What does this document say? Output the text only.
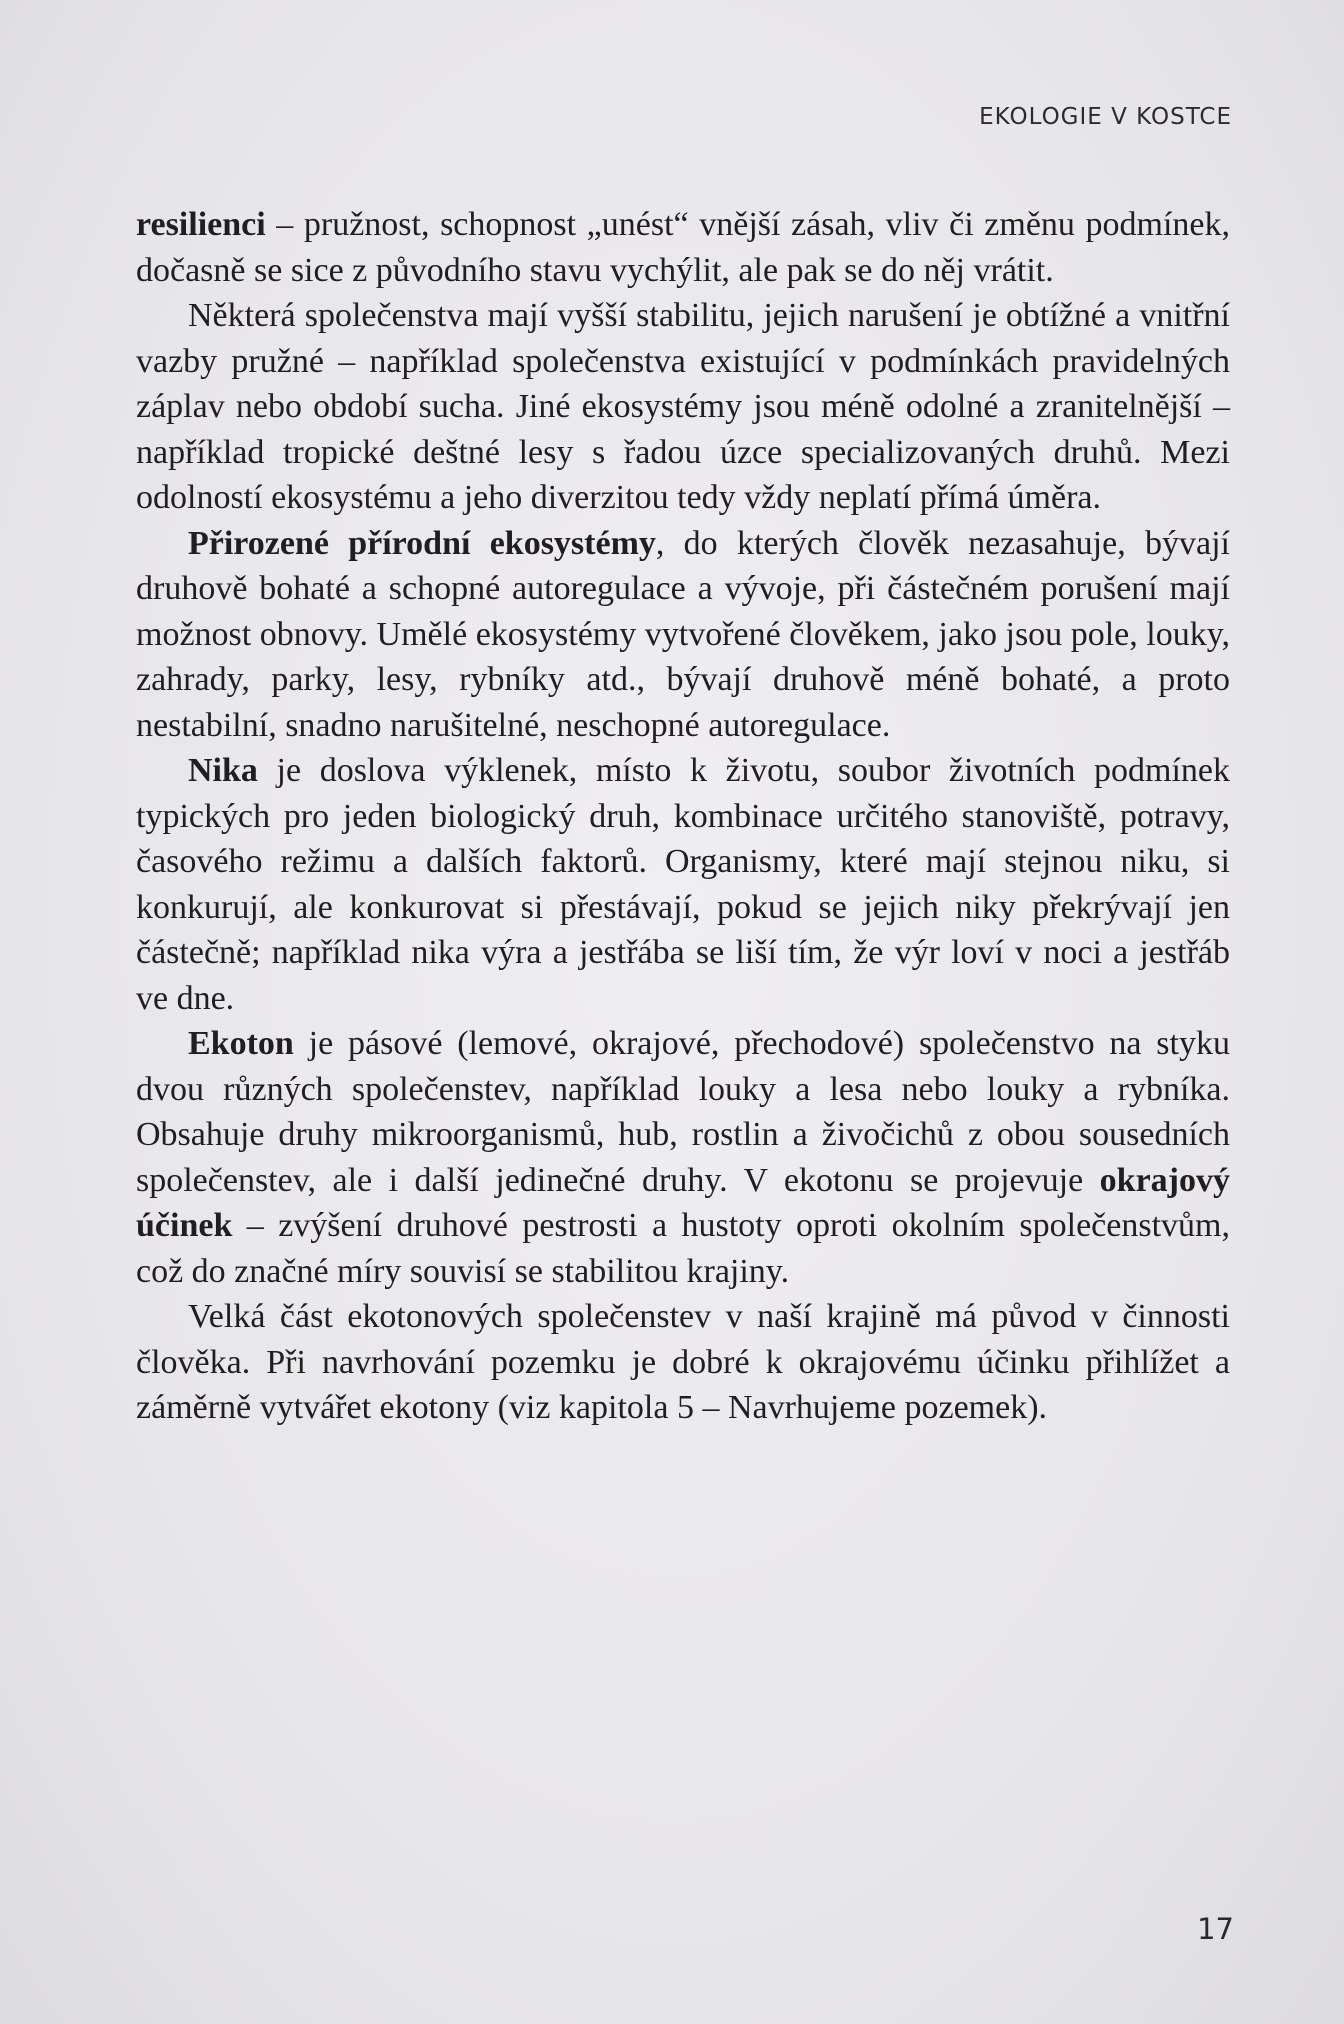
EKOLOGIE V KOSTCE

resilienci – pružnost, schopnost „unést“ vnější zásah, vliv či změnu podmínek, dočasně se sice z původního stavu vychýlit, ale pak se do něj vrátit.

Některá společenstva mají vyšší stabilitu, jejich narušení je obtížné a vnitřní vazby pružné – například společenstva existující v podmínkách pravidelných záplav nebo období sucha. Jiné ekosystémy jsou méně odolné a zranitelnější – například tropické deštné lesy s řadou úzce specializovaných druhů. Mezi odolností ekosystému a jeho diverzitou tedy vždy neplatí přímá úměra.

Přirozené přírodní ekosystémy, do kterých člověk nezasahuje, bývají druhově bohaté a schopné autoregulace a vývoje, při částečném porušení mají možnost obnovy. Umělé ekosystémy vytvořené člověkem, jako jsou pole, louky, zahrady, parky, lesy, rybníky atd., bývají druhově méně bohaté, a proto nestabilní, snadno narušitelné, neschopné autoregulace.

Nika je doslova výklenek, místo k životu, soubor životních podmínek typických pro jeden biologický druh, kombinace určitého stanoviště, potravy, časového režimu a dalších faktorů. Organismy, které mají stejnou niku, si konkurují, ale konkurovat si přestávají, pokud se jejich niky překrývají jen částečně; například nika výra a jestřába se liší tím, že výr loví v noci a jestřáb ve dne.

Ekoton je pásové (lemové, okrajové, přechodové) společenstvo na styku dvou různých společenstev, například louky a lesa nebo louky a rybníka. Obsahuje druhy mikroorganismů, hub, rostlin a živočichů z obou sousedních společenstev, ale i další jedinečné druhy. V ekotonu se projevuje okrajový účinek – zvýšení druhové pestrosti a hustoty oproti okolním společenstvům, což do značné míry souvisí se stabilitou krajiny.

Velká část ekotonových společenstev v naší krajině má původ v činnosti člověka. Při navrhování pozemku je dobré k okrajovému účinku přihlížet a záměrně vytvářet ekotony (viz kapitola 5 – Navrhujeme pozemek).

17
